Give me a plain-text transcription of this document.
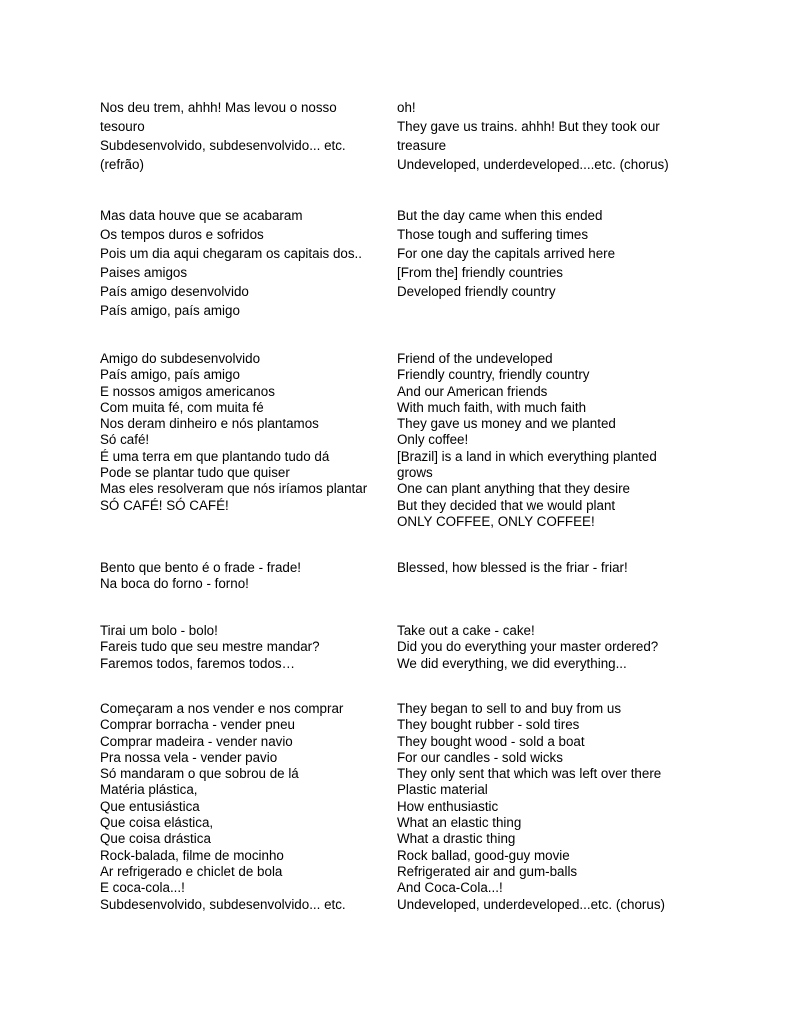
Nos deu trem, ahhh! Mas levou o nosso
tesouro
Subdesenvolvido, subdesenvolvido... etc.
(refrão)
oh!
They gave us trains. ahhh! But they took our
treasure
Undeveloped, underdeveloped....etc. (chorus)
Mas data houve que se acabaram
Os tempos duros e sofridos
Pois um dia aqui chegaram os capitais dos..
Paises amigos
País amigo desenvolvido
País amigo, país amigo
But the day came when this ended
Those tough and suffering times
For one day the capitals arrived here
[From the] friendly countries
Developed friendly country
Amigo do subdesenvolvido
País amigo, país amigo
E nossos amigos americanos
Com muita fé, com muita fé
Nos deram dinheiro e nós plantamos
Só café!
É uma terra em que plantando tudo dá
Pode se plantar tudo que quiser
Mas eles resolveram que nós iríamos plantar
SÓ CAFÉ! SÓ CAFÉ!
Friend of the undeveloped
Friendly country, friendly country
And our American friends
With much faith, with much faith
They gave us money and we planted
Only coffee!
[Brazil] is a land in which everything planted
grows
One can plant anything that they desire
But they decided that we would plant
ONLY COFFEE, ONLY COFFEE!
Bento que bento é o frade - frade!
Na boca do forno - forno!
Blessed, how blessed is the friar - friar!
Tirai um bolo - bolo!
Fareis tudo que seu mestre mandar?
Faremos todos, faremos todos…
Take out a cake - cake!
Did you do everything your master ordered?
We did everything, we did everything...
Começaram a nos vender e nos comprar
Comprar borracha - vender pneu
Comprar madeira - vender navio
Pra nossa vela - vender pavio
Só mandaram o que sobrou de lá
Matéria plástica,
Que entusiástica
Que coisa elástica,
Que coisa drástica
Rock-balada, filme de mocinho
Ar refrigerado e chiclet de bola
E coca-cola...!
Subdesenvolvido, subdesenvolvido... etc.
They began to sell to and buy from us
They bought rubber - sold tires
They bought wood - sold a boat
For our candles - sold wicks
They only sent that which was left over there
Plastic material
How enthusiastic
What an elastic thing
What a drastic thing
Rock ballad, good-guy movie
Refrigerated air and gum-balls
And Coca-Cola...!
Undeveloped, underdeveloped...etc. (chorus)
